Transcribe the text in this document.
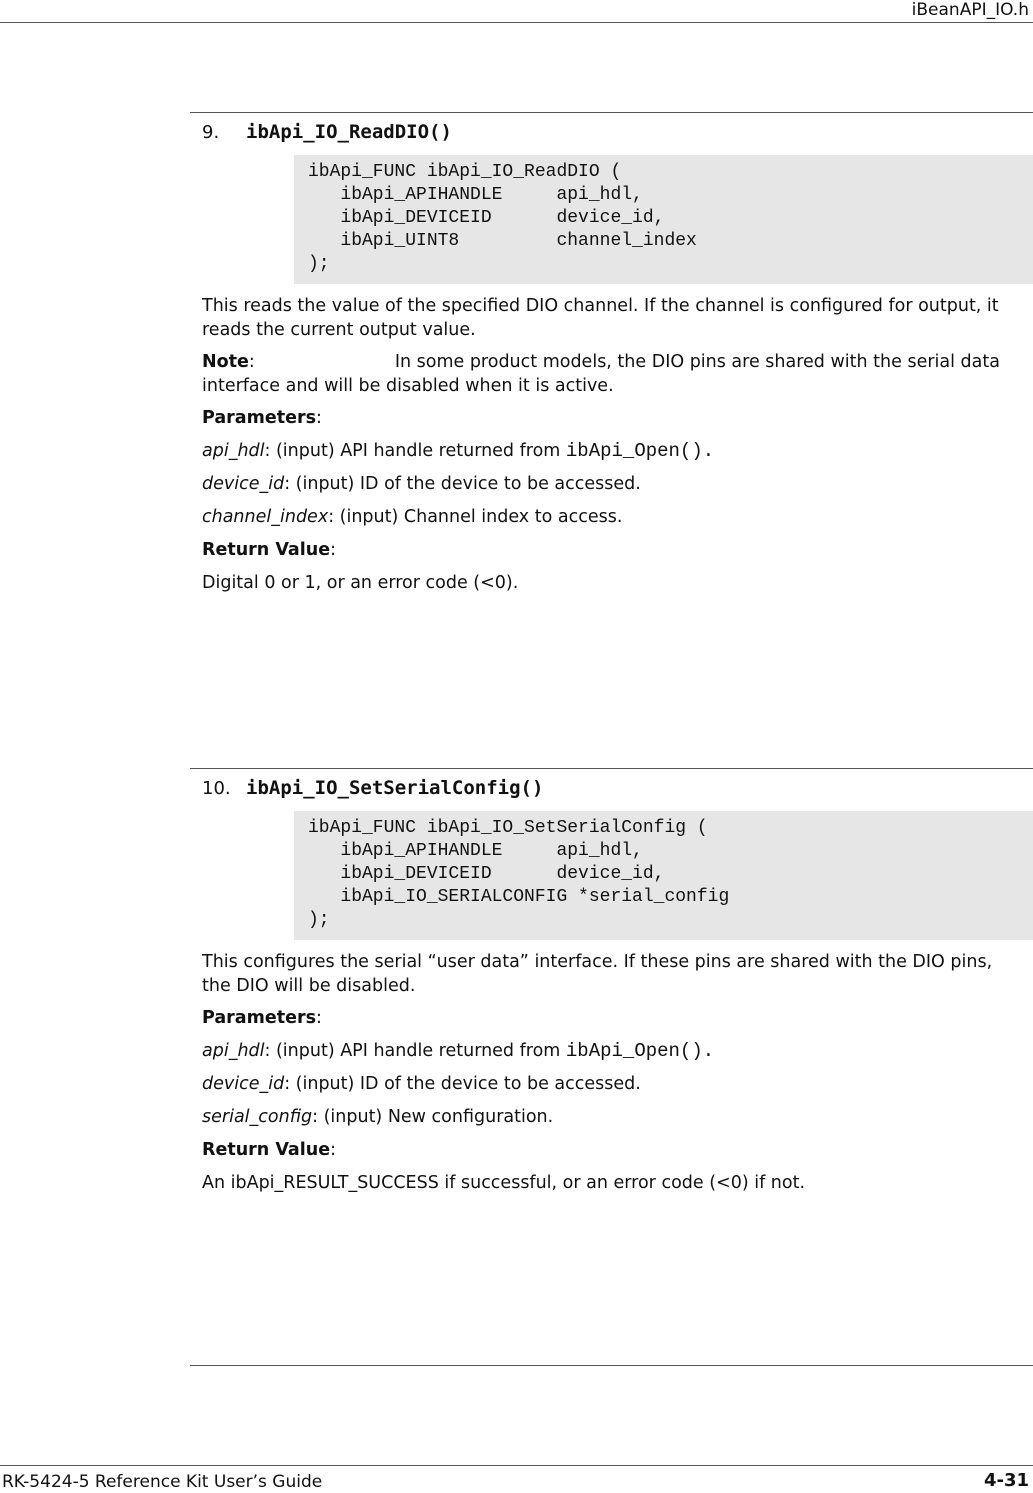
iBeanAPI_IO.h
9. ibApi_IO_ReadDIO()
ibApi_FUNC ibApi_IO_ReadDIO (
ibApi_APIHANDLE     api_hdl,
ibApi_DEVICEID      device_id,
ibApi_UINT8         channel_index
);
This reads the value of the specified DIO channel. If the channel is configured for output, it reads the current output value.
Note:	In some product models, the DIO pins are shared with the serial data interface and will be disabled when it is active.
Parameters:
api_hdl: (input) API handle returned from ibApi_Open().
device_id: (input) ID of the device to be accessed.
channel_index: (input) Channel index to access.
Return Value:
Digital 0 or 1, or an error code (<0).
10. ibApi_IO_SetSerialConfig()
ibApi_FUNC ibApi_IO_SetSerialConfig (
ibApi_APIHANDLE     api_hdl,
ibApi_DEVICEID      device_id,
ibApi_IO_SERIALCONFIG *serial_config
);
This configures the serial “user data” interface. If these pins are shared with the DIO pins, the DIO will be disabled.
Parameters:
api_hdl: (input) API handle returned from ibApi_Open().
device_id: (input) ID of the device to be accessed.
serial_config: (input) New configuration.
Return Value:
An ibApi_RESULT_SUCCESS if successful, or an error code (<0) if not.
RK-5424-5 Reference Kit User’s Guide	4-31
